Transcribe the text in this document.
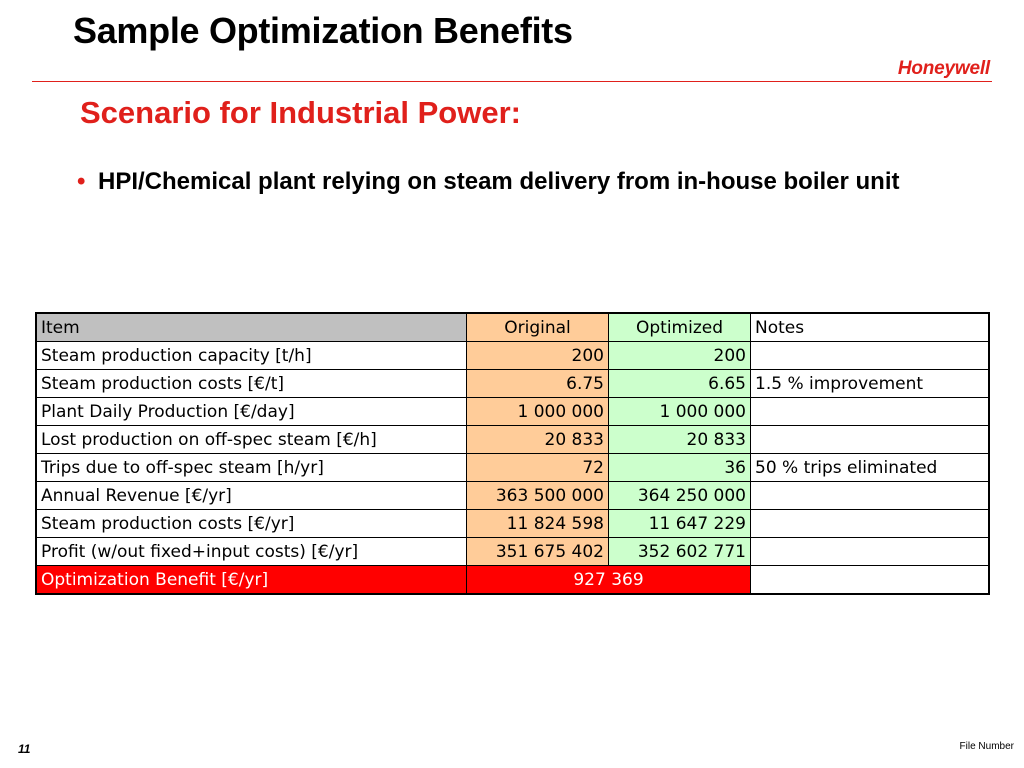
Sample Optimization Benefits
Honeywell
Scenario for Industrial Power:
• HPI/Chemical plant relying on steam delivery from in-house boiler unit
Item	Original	Optimized	Notes
Steam production capacity [t/h]	200	200	
Steam production costs [€/t]	6.75	6.65	1.5 % improvement
Plant Daily Production [€/day]	1 000 000	1 000 000	
Lost production on off-spec steam [€/h]	20 833	20 833	
Trips due to off-spec steam [h/yr]	72	36	50 % trips eliminated
Annual Revenue [€/yr]	363 500 000	364 250 000	
Steam production costs [€/yr]	11 824 598	11 647 229	
Profit (w/out fixed+input costs) [€/yr]	351 675 402	352 602 771	
Optimization Benefit [€/yr]	927 369		
11	File Number
